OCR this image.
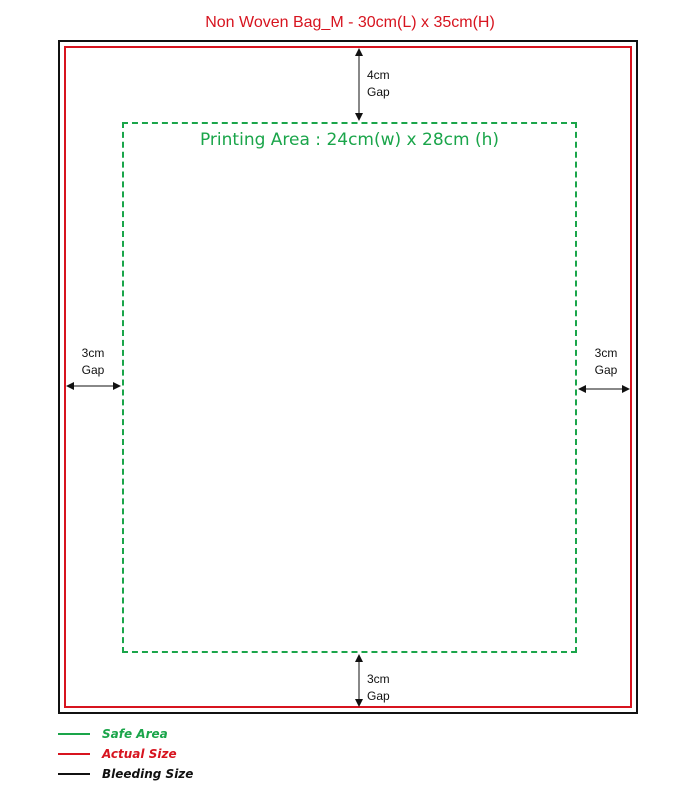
Non Woven Bag_M - 30cm(L) x 35cm(H)
Printing Area : 24cm(w) x 28cm (h)
4cm
Gap
3cm
Gap
3cm
Gap
3cm
Gap
Safe Area
Actual Size
Bleeding Size
